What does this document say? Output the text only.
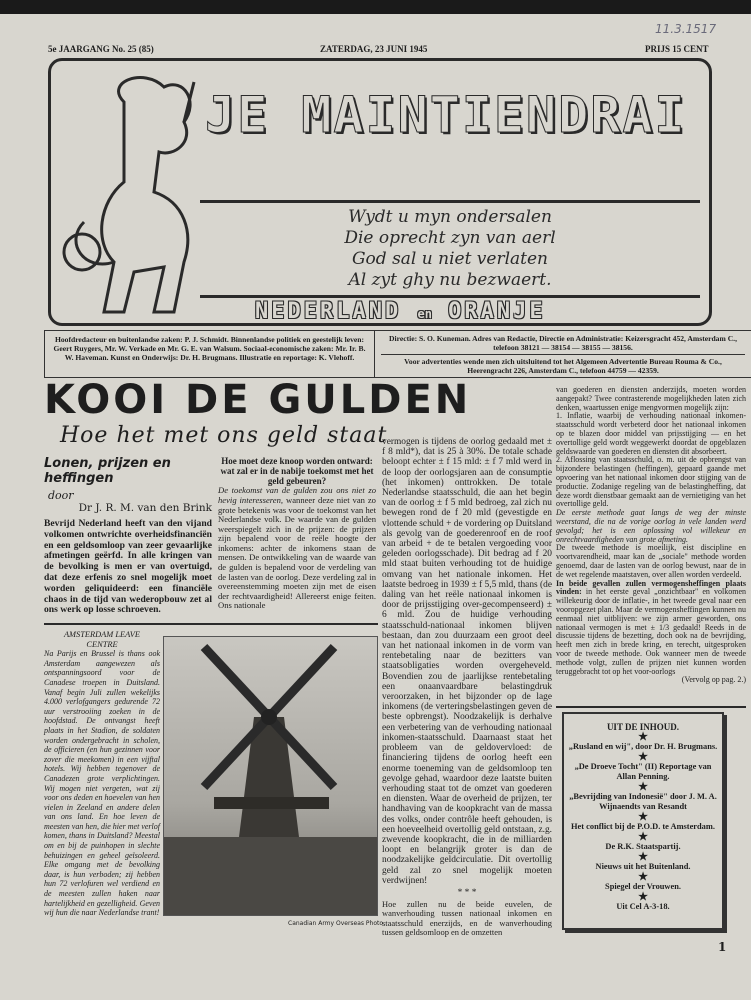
5e JAARGANG No. 25 (85)	ZATERDAG, 23 JUNI 1945	PRIJS 15 CENT
11.3.1517
JE MAINTIENDRAI
Wydt u myn ondersalen
Die oprecht zyn van aerl
God sal u niet verlaten
Al zyt ghy nu bezwaert.
NEDERLAND en ORANJE
Hoofdredacteur en buitenlandse zaken: P. J. Schmidt. Binnenlandse politiek en geestelijk leven: Geert Ruygers, Mr. W. Verkade en Mr. G. E. van Walsum. Sociaal-economische zaken: Mr. Ir. B. W. Haveman. Kunst en Onderwijs: Dr. H. Brugmans. Illustratie en reportage: K. Vlehoff.
Directie: S. O. Kuneman. Adres van Redactie, Directie en Administratie: Keizersgracht 452, Amsterdam C., telefoon 38121 — 38154 — 38155 — 38156.
Voor advertenties wende men zich uitsluitend tot het Algemeen Advertentie Bureau Rouma & Co., Heerengracht 226, Amsterdam C., telefoon 44759 — 42359.
KOOI DE GULDEN
Hoe het met ons geld staat
Lonen, prijzen en heffingen
door
Dr J. R. M. van den Brink
Bevrijd Nederland heeft van den vijand volkomen ontwrichte overheidsfinanciën en een geldsomloop van zeer gevaarlijke afmetingen geërfd. In alle kringen van de bevolking is men er van overtuigd, dat deze erfenis zo snel mogelijk moet worden geliquideerd: een financiële chaos in de tijd van wederopbouw zet al ons werk op losse schroeven.
Hoe moet deze knoop worden ontward: wat zal er in de nabije toekomst met het geld gebeuren?
De toekomst van de gulden zou ons niet zo hevig interesseren, wanneer deze niet van zo grote betekenis was voor de toekomst van het Nederlandse volk. De waarde van de gulden weerspiegelt zich in de prijzen: de prijzen zijn bepalend voor de reële hoogte der inkomens: achter de inkomens staan de mensen. De ontwikkeling van de waarde van de gulden is bepalend voor de verdeling van de lasten van de oorlog. Deze verdeling zal in overeenstemming moeten zijn met de eisen der rechtvaardigheid! Allereerst enige feiten. Ons nationale
vermogen is tijdens de oorlog gedaald met ± f 8 mld*), dat is 25 à 30%. De totale schade beloopt echter ± f 15 mld: ± f 7 mld werd in de loop der oorlogsjaren aan de consumptie (het inkomen) onttrokken. De totale Nederlandse staatsschuld, die aan het begin van de oorlog ± f 5 mld bedroeg, zal zich nu bewegen rond de f 20 mld (gevestigde en vlottende schuld + de vordering op Duitsland als gevolg van de goederenroof en de roof van arbeid + de te betalen vergoeding voor geleden oorlogsschade). Dit bedrag ad f 20 mld staat buiten verhouding tot de huidige omvang van het nationale inkomen. Het laatste bedroeg in 1939 ± f 5,5 mld, thans (de daling van het reële nationaal inkomen is door de prijsstijging over-gecompenseerd) ± 6 mld. Zou de huidige verhouding staatsschuld-nationaal inkomen blijven bestaan, dan zou duurzaam een groot deel van het nationaal inkomen in de vorm van rentebetaling naar de bezitters van staatsobligaties worden overgeheveld. Bovendien zou de jaarlijkse rentebetaling een onaanvaardbare belastingdruk veroorzaken, in het bijzonder op de lage inkomens (de verteringsbelastingen geven de beste opbrengst). Noodzakelijk is derhalve een verbetering van de verhouding nationaal inkomen-staatsschuld. Daarnaast staat het probleem van de geldovervloed: de financiering tijdens de oorlog heeft een enorme toeneming van de geldsomloop ten gevolge gehad, waardoor deze laatste buiten verhouding staat tot de omzet van goederen en diensten. Waar de overheid de prijzen, ter handhaving van de koopkracht van de massa des volks, onder contrôle heeft gehouden, is een hoeveelheid overtollig geld ontstaan, z.g. zwevende koopkracht, die in de milliarden loopt en belangrijk groter is dan de noodzakelijke geldcirculatie. Dit overtollig geld zal zo snel mogelijk moeten verdwijnen!
* * *
Hoe zullen nu de beide euvelen, de wanverhouding tussen nationaal inkomen en staatsschuld enerzijds, en de wanverhouding tussen geldsomloop en de omzetten
van goederen en diensten anderzijds, moeten worden aangepakt? Twee contrasterende mogelijkheden laten zich denken, waartussen enige mengvormen mogelijk zijn:
1. Inflatie, waarbij de verhouding nationaal inkomen-staatsschuld wordt verbeterd door het nationaal inkomen op te blazen door middel van prijsstijging — en het overtollige geld wordt weggewerkt doordat de opgeblazen geldswaarde van goederen en diensten dit absorbeert.
2. Aflossing van staatsschuld, o. m. uit de opbrengst van bijzondere belastingen (heffingen), gepaard gaande met opvoering van het nationaal inkomen door stijging van de productie. Zodanige regeling van de belastingheffing, dat deze wordt dienstbaar gemaakt aan de vernietiging van het overtollige geld.
De eerste methode gaat langs de weg der minste weerstand, die na de vorige oorlog in vele landen werd gevolgd; het is een oplossing vol willekeur en onrechtvaardigheden van grote afmeting.
De tweede methode is moeilijk, eist discipline en voortvarendheid, maar kan de „sociale" methode worden genoemd, daar de lasten van de oorlog bewust, naar de in de wet regelende maatstaven, over allen worden verdeeld.
In beide gevallen zullen vermogensheffingen plaats vinden: in het eerste geval „onzichtbaar" en volkomen willekeurig door de inflatie-, in het tweede geval naar een vooropgezet plan. Maar de vermogensheffingen kunnen nu eenmaal niet uitblijven: we zijn armer geworden, ons nationaal vermogen is met ± 1/3 gedaald! Reeds in de discussie tijdens de bezetting, doch ook na de bevrijding, heeft men zich in brede kring, en terecht, uitgesproken voor de tweede methode. Ook wanneer men de tweede methode volgt, zullen de prijzen niet kunnen worden teruggebracht tot op het voor-oorlogs
(Vervolg op pag. 2.)
AMSTERDAM LEAVE CENTRE
Na Parijs en Brussel is thans ook Amsterdam aangewezen als ontspanningsoord voor de Canadese troepen in Duitsland. Vanaf begin Juli zullen wekelijks 4.000 verlofgangers gedurende 72 uur verstrooiing zoeken in de hoofdstad. De ontvangst heeft plaats in het Stadion, de soldaten worden ondergebracht in scholen, de officieren (en hun gezinnen voor zover die meekomen) in een vijftal hotels. Wij hebben tegenover de Canadezen grote verplichtingen. Wij mogen niet vergeten, wat zij voor ons deden en hoevelen van hen vielen in Zeeland en andere delen van ons land. En hoe leven de meesten van hen, die hier met verlof komen, thans in Duitsland? Meestal om en bij de puinhopen in slechte behuizingen en geheel geïsoleerd. Elke omgang met de bevolking daar, is hun verboden; zij hebben hun 72 verlofuren wel verdiend en de meesten zullen haken naar hartelijkheid en gezelligheid. Geven wij hun die naar Nederlandse trant!
Canadian Army Overseas Photo
UIT DE INHOUD.
★
„Rusland en wij", door Dr. H. Brugmans.
★
„De Droeve Tocht" (II) Reportage van Allan Penning.
★
„Bevrijding van Indonesië" door J. M. A. Wijnaendts van Resandt
★
Het conflict bij de P.O.D. te Amsterdam.
★
De R.K. Staatspartij.
★
Nieuws uit het Buitenland.
★
Spiegel der Vrouwen.
★
Uit Cel A-3-18.
1
